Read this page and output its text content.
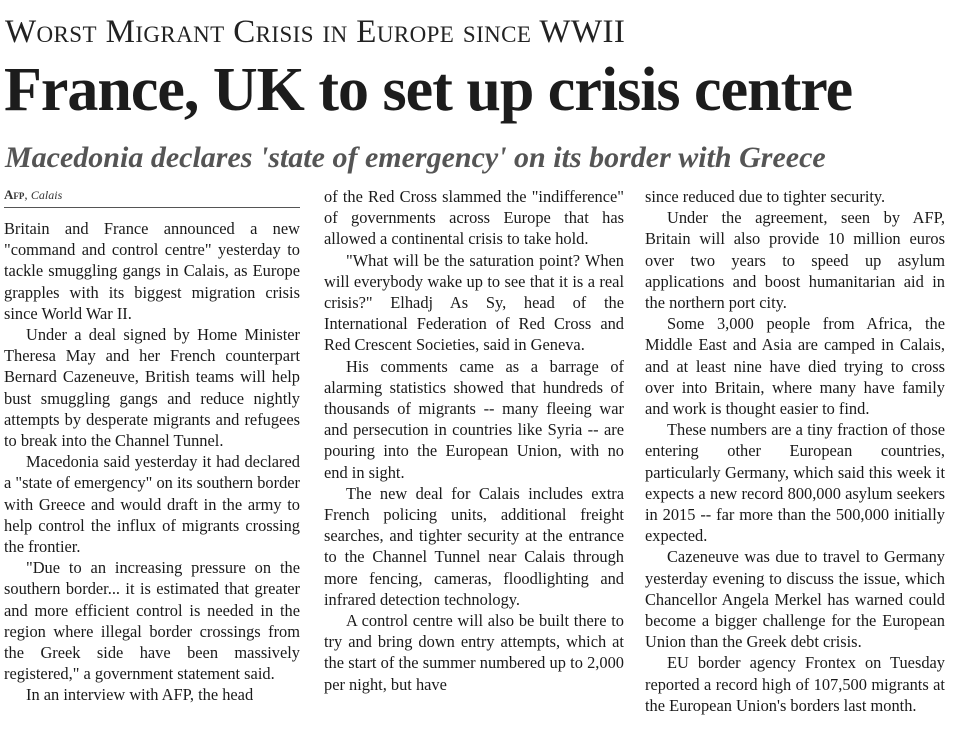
Worst Migrant Crisis in Europe since WWII
France, UK to set up crisis centre
Macedonia declares 'state of emergency' on its border with Greece
Afp, Calais

Britain and France announced a new "command and control centre" yesterday to tackle smuggling gangs in Calais, as Europe grapples with its biggest migration crisis since World War II.

Under a deal signed by Home Minister Theresa May and her French counterpart Bernard Cazeneuve, British teams will help bust smuggling gangs and reduce nightly attempts by desperate migrants and refugees to break into the Channel Tunnel.

Macedonia said yesterday it had declared a "state of emergency" on its southern border with Greece and would draft in the army to help control the influx of migrants crossing the frontier.

"Due to an increasing pressure on the southern border... it is estimated that greater and more efficient control is needed in the region where illegal border crossings from the Greek side have been massively registered," a government statement said.

In an interview with AFP, the head

of the Red Cross slammed the "indifference" of governments across Europe that has allowed a continental crisis to take hold.

"What will be the saturation point? When will everybody wake up to see that it is a real crisis?" Elhadj As Sy, head of the International Federation of Red Cross and Red Crescent Societies, said in Geneva.

His comments came as a barrage of alarming statistics showed that hundreds of thousands of migrants -- many fleeing war and persecution in countries like Syria -- are pouring into the European Union, with no end in sight.

The new deal for Calais includes extra French policing units, additional freight searches, and tighter security at the entrance to the Channel Tunnel near Calais through more fencing, cameras, floodlighting and infrared detection technology.

A control centre will also be built there to try and bring down entry attempts, which at the start of the summer numbered up to 2,000 per night, but have

since reduced due to tighter security.

Under the agreement, seen by AFP, Britain will also provide 10 million euros over two years to speed up asylum applications and boost humanitarian aid in the northern port city.

Some 3,000 people from Africa, the Middle East and Asia are camped in Calais, and at least nine have died trying to cross over into Britain, where many have family and work is thought easier to find.

These numbers are a tiny fraction of those entering other European countries, particularly Germany, which said this week it expects a new record 800,000 asylum seekers in 2015 -- far more than the 500,000 initially expected.

Cazeneuve was due to travel to Germany yesterday evening to discuss the issue, which Chancellor Angela Merkel has warned could become a bigger challenge for the European Union than the Greek debt crisis.

EU border agency Frontex on Tuesday reported a record high of 107,500 migrants at the European Union's borders last month.
